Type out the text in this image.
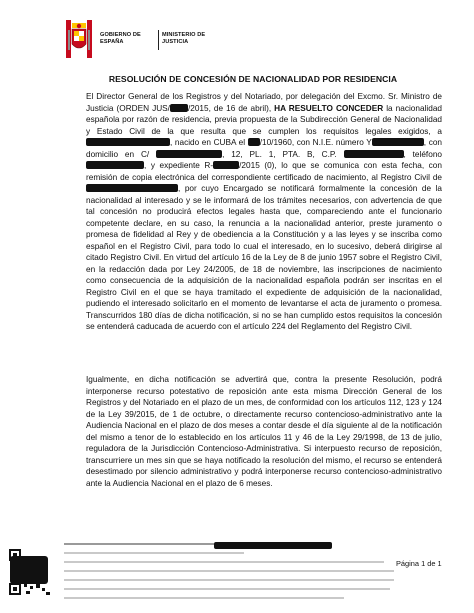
GOBIERNO DE ESPAÑA
MINISTERIO DE JUSTICIA
RESOLUCIÓN DE CONCESIÓN DE NACIONALIDAD POR RESIDENCIA
El Director General de los Registros y del Notariado, por delegación del Excmo. Sr. Ministro de Justicia (ORDEN JUS/ /2015, de 16 de abril), HA RESUELTO CONCEDER la nacionalidad española por razón de residencia, previa propuesta de la Subdirección General de Nacionalidad y Estado Civil de la que resulta que se cumplen los requisitos legales exigidos, a , nacido en CUBA el /10/1960, con N.I.E. número Y	, con domicilio en C/	, 12, PL. 1, PTA. B, C.P.	, teléfono , y expediente R-	/2015 (0), lo que se comunica con esta fecha, con remisión de copia electrónica del correspondiente certificado de nacimiento, al Registro Civil de , por cuyo Encargado se notificará formalmente la concesión de la nacionalidad al interesado y se le informará de los trámites necesarios, con advertencia de que tal concesión no producirá efectos legales hasta que, compareciendo ante el funcionario competente declare, en su caso, la renuncia a la nacionalidad anterior, preste juramento o promesa de fidelidad al Rey y de obediencia a la Constitución y a las leyes y se inscriba como español en el Registro Civil, para todo lo cual el interesado, en lo sucesivo, deberá dirigirse al citado Registro Civil. En virtud del artículo 16 de la Ley de 8 de junio 1957 sobre el Registro Civil, en la redacción dada por Ley 24/2005, de 18 de noviembre, las inscripciones de nacimiento como consecuencia de la adquisición de la nacionalidad española podrán ser inscritas en el Registro Civil en el que se haya tramitado el expediente de adquisición de la nacionalidad, pudiendo el interesado solicitarlo en el momento de levantarse el acta de juramento o promesa. Transcurridos 180 días de dicha notificación, si no se han cumplido estos requisitos la concesión se entenderá caducada de acuerdo con el artículo 224 del Reglamento del Registro Civil.
Igualmente, en dicha notificación se advertirá que, contra la presente Resolución, podrá interponerse recurso potestativo de reposición ante esta misma Dirección General de los Registros y del Notariado en el plazo de un mes, de conformidad con los artículos 112, 123 y 124 de la Ley 39/2015, de 1 de octubre, o directamente recurso contencioso-administrativo ante la Audiencia Nacional en el plazo de dos meses a contar desde el día siguiente al de la notificación del mismo a tenor de lo establecido en los artículos 11 y 46 de la Ley 29/1998, de 13 de julio, reguladora de la Jurisdicción Contencioso-Administrativa. Si interpuesto recurso de reposición, transcurriere un mes sin que se haya notificado la resolución del mismo, el recurso se entenderá desestimado por silencio administrativo y podrá interponerse recurso contencioso-administrativo ante la Audiencia Nacional en el plazo de 6 meses.
Página 1 de 1
